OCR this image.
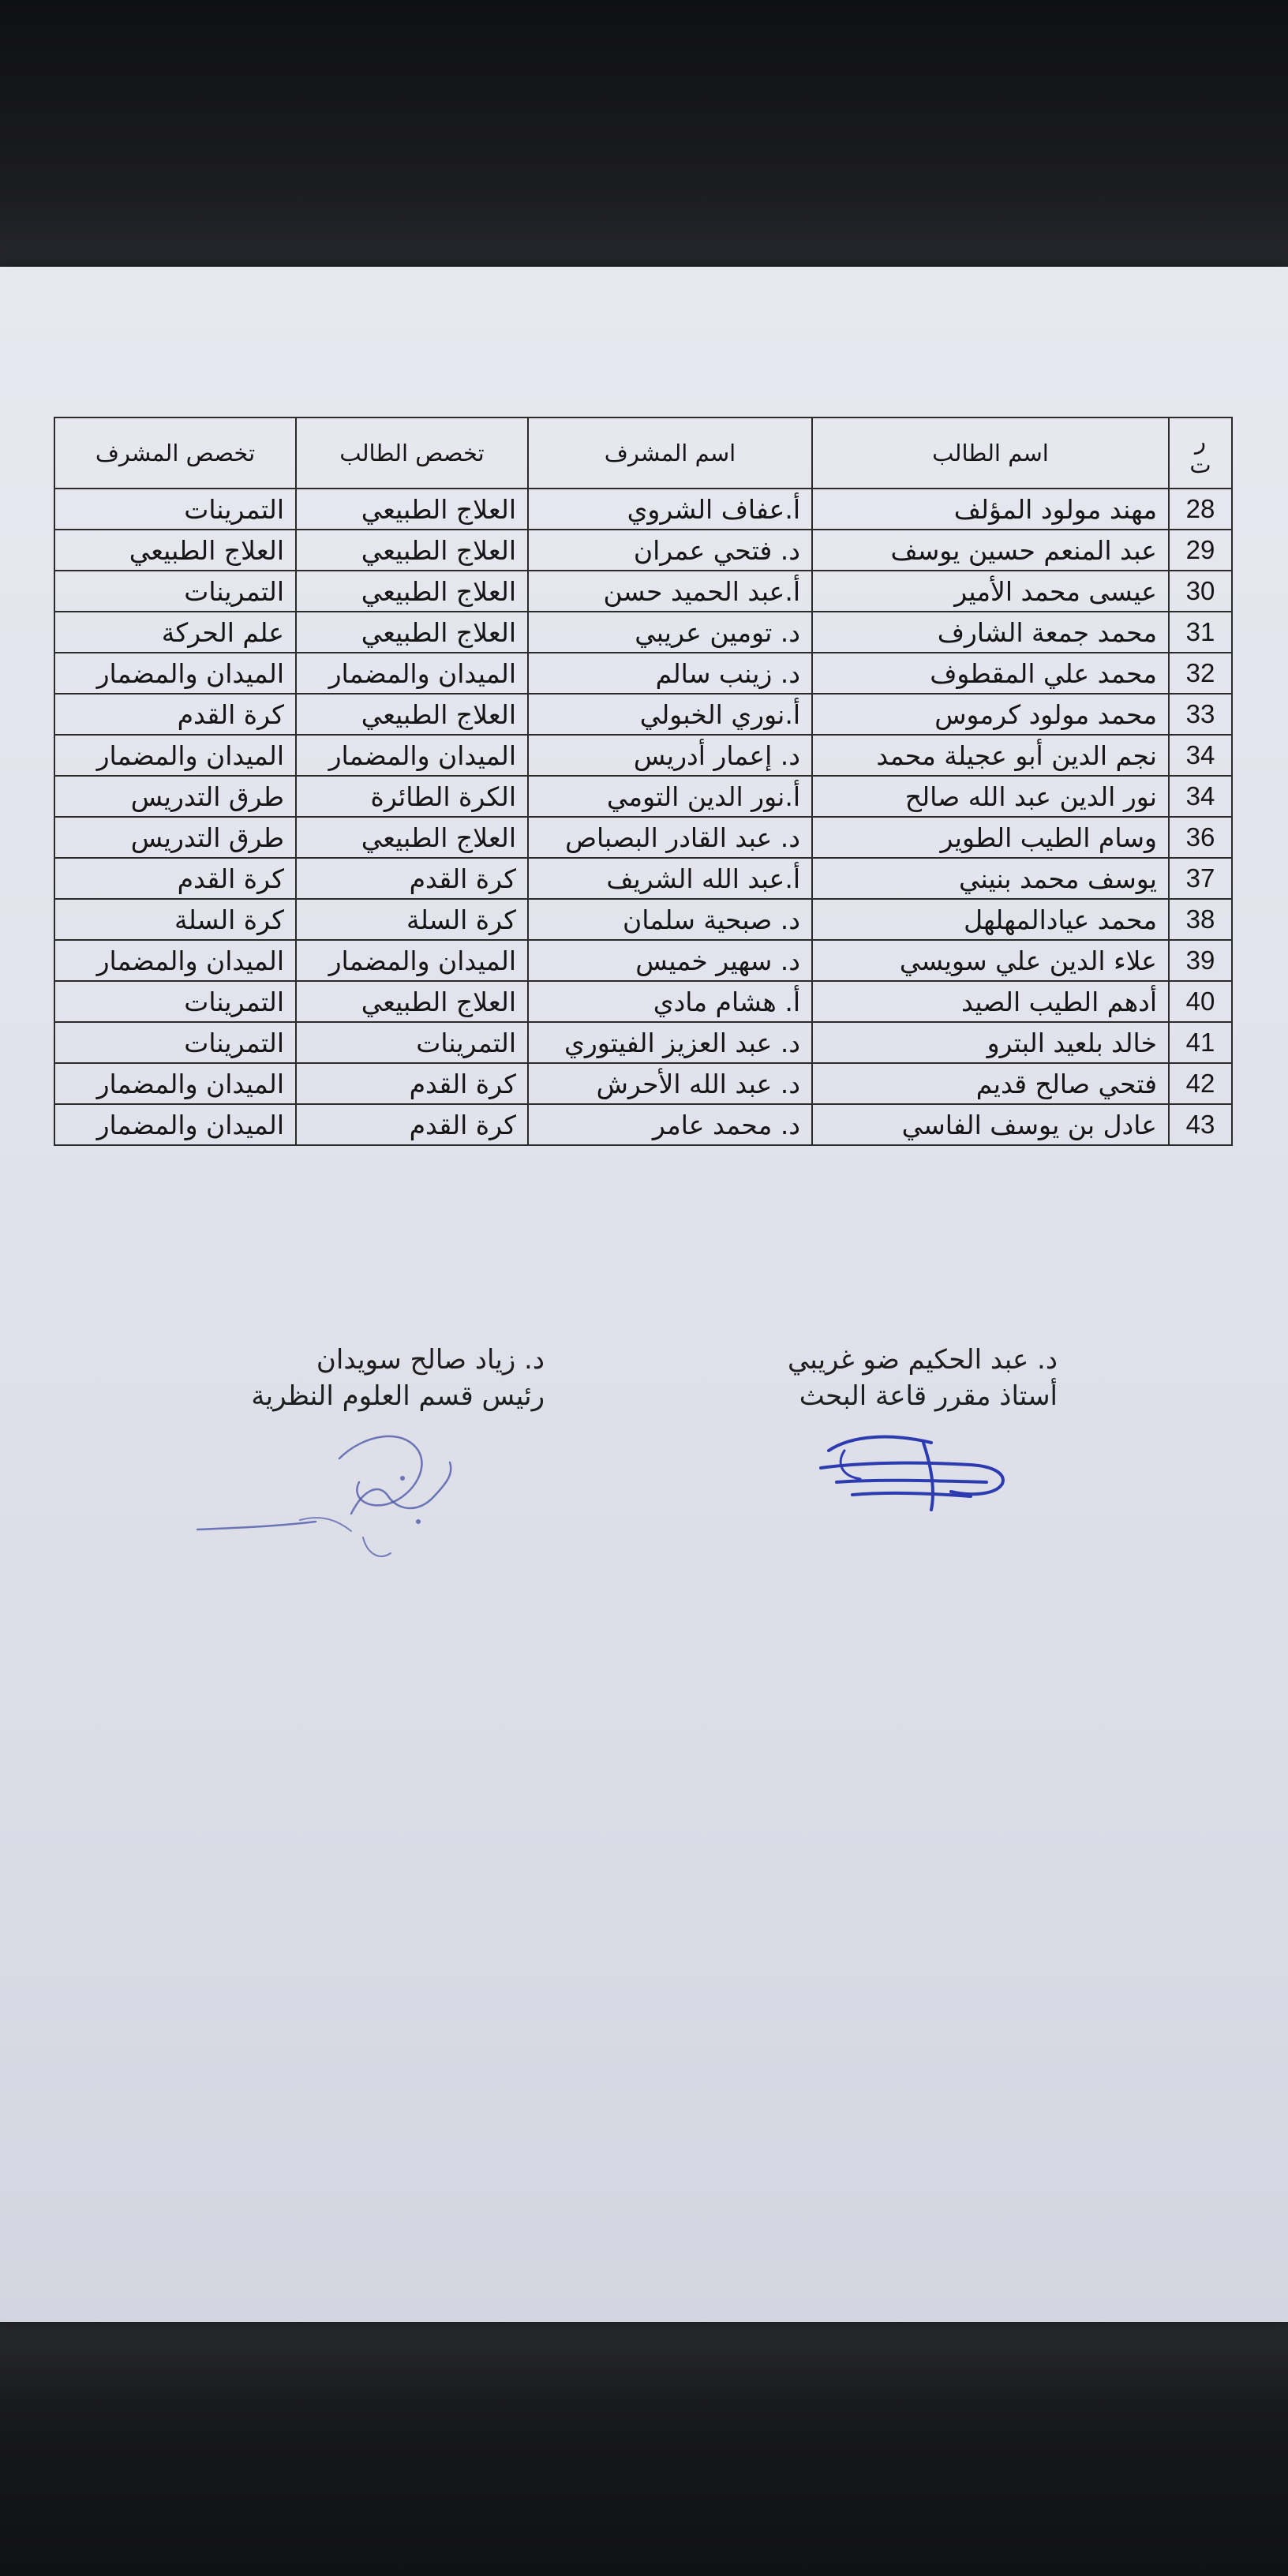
ر
ت	اسم الطالب	اسم المشرف	تخصص الطالب	تخصص المشرف
28	مهند مولود المؤلف	أ.عفاف الشروي	العلاج الطبيعي	التمرينات
29	عبد المنعم حسين يوسف	د. فتحي عمران	العلاج الطبيعي	العلاج الطبيعي
30	عيسى محمد الأمير	أ.عبد الحميد حسن	العلاج الطبيعي	التمرينات
31	محمد جمعة الشارف	د. تومين عريبي	العلاج الطبيعي	علم الحركة
32	محمد علي المقطوف	د. زينب سالم	الميدان والمضمار	الميدان والمضمار
33	محمد مولود كرموس	أ.نوري الخبولي	العلاج الطبيعي	كرة القدم
34	نجم الدين أبو عجيلة محمد	د. إعمار أدريس	الميدان والمضمار	الميدان والمضمار
34	نور الدين عبد الله صالح	أ.نور الدين التومي	الكرة الطائرة	طرق التدريس
36	وسام الطيب الطوير	د. عبد القادر البصباص	العلاج الطبيعي	طرق التدريس
37	يوسف محمد بنيني	أ.عبد الله الشريف	كرة القدم	كرة القدم
38	محمد عيادالمهلهل	د. صبحية سلمان	كرة السلة	كرة السلة
39	علاء الدين علي سويسي	د. سهير خميس	الميدان والمضمار	الميدان والمضمار
40	أدهم الطيب الصيد	أ. هشام مادي	العلاج الطبيعي	التمرينات
41	خالد بلعيد البترو	د. عبد العزيز الفيتوري	التمرينات	التمرينات
42	فتحي صالح قديم	د. عبد الله الأحرش	كرة القدم	الميدان والمضمار
43	عادل بن يوسف الفاسي	د. محمد عامر	كرة القدم	الميدان والمضمار
د. زياد صالح سويدان
رئيس قسم العلوم النظرية
د. عبد الحكيم ضو غريبي
أستاذ مقرر قاعة البحث
